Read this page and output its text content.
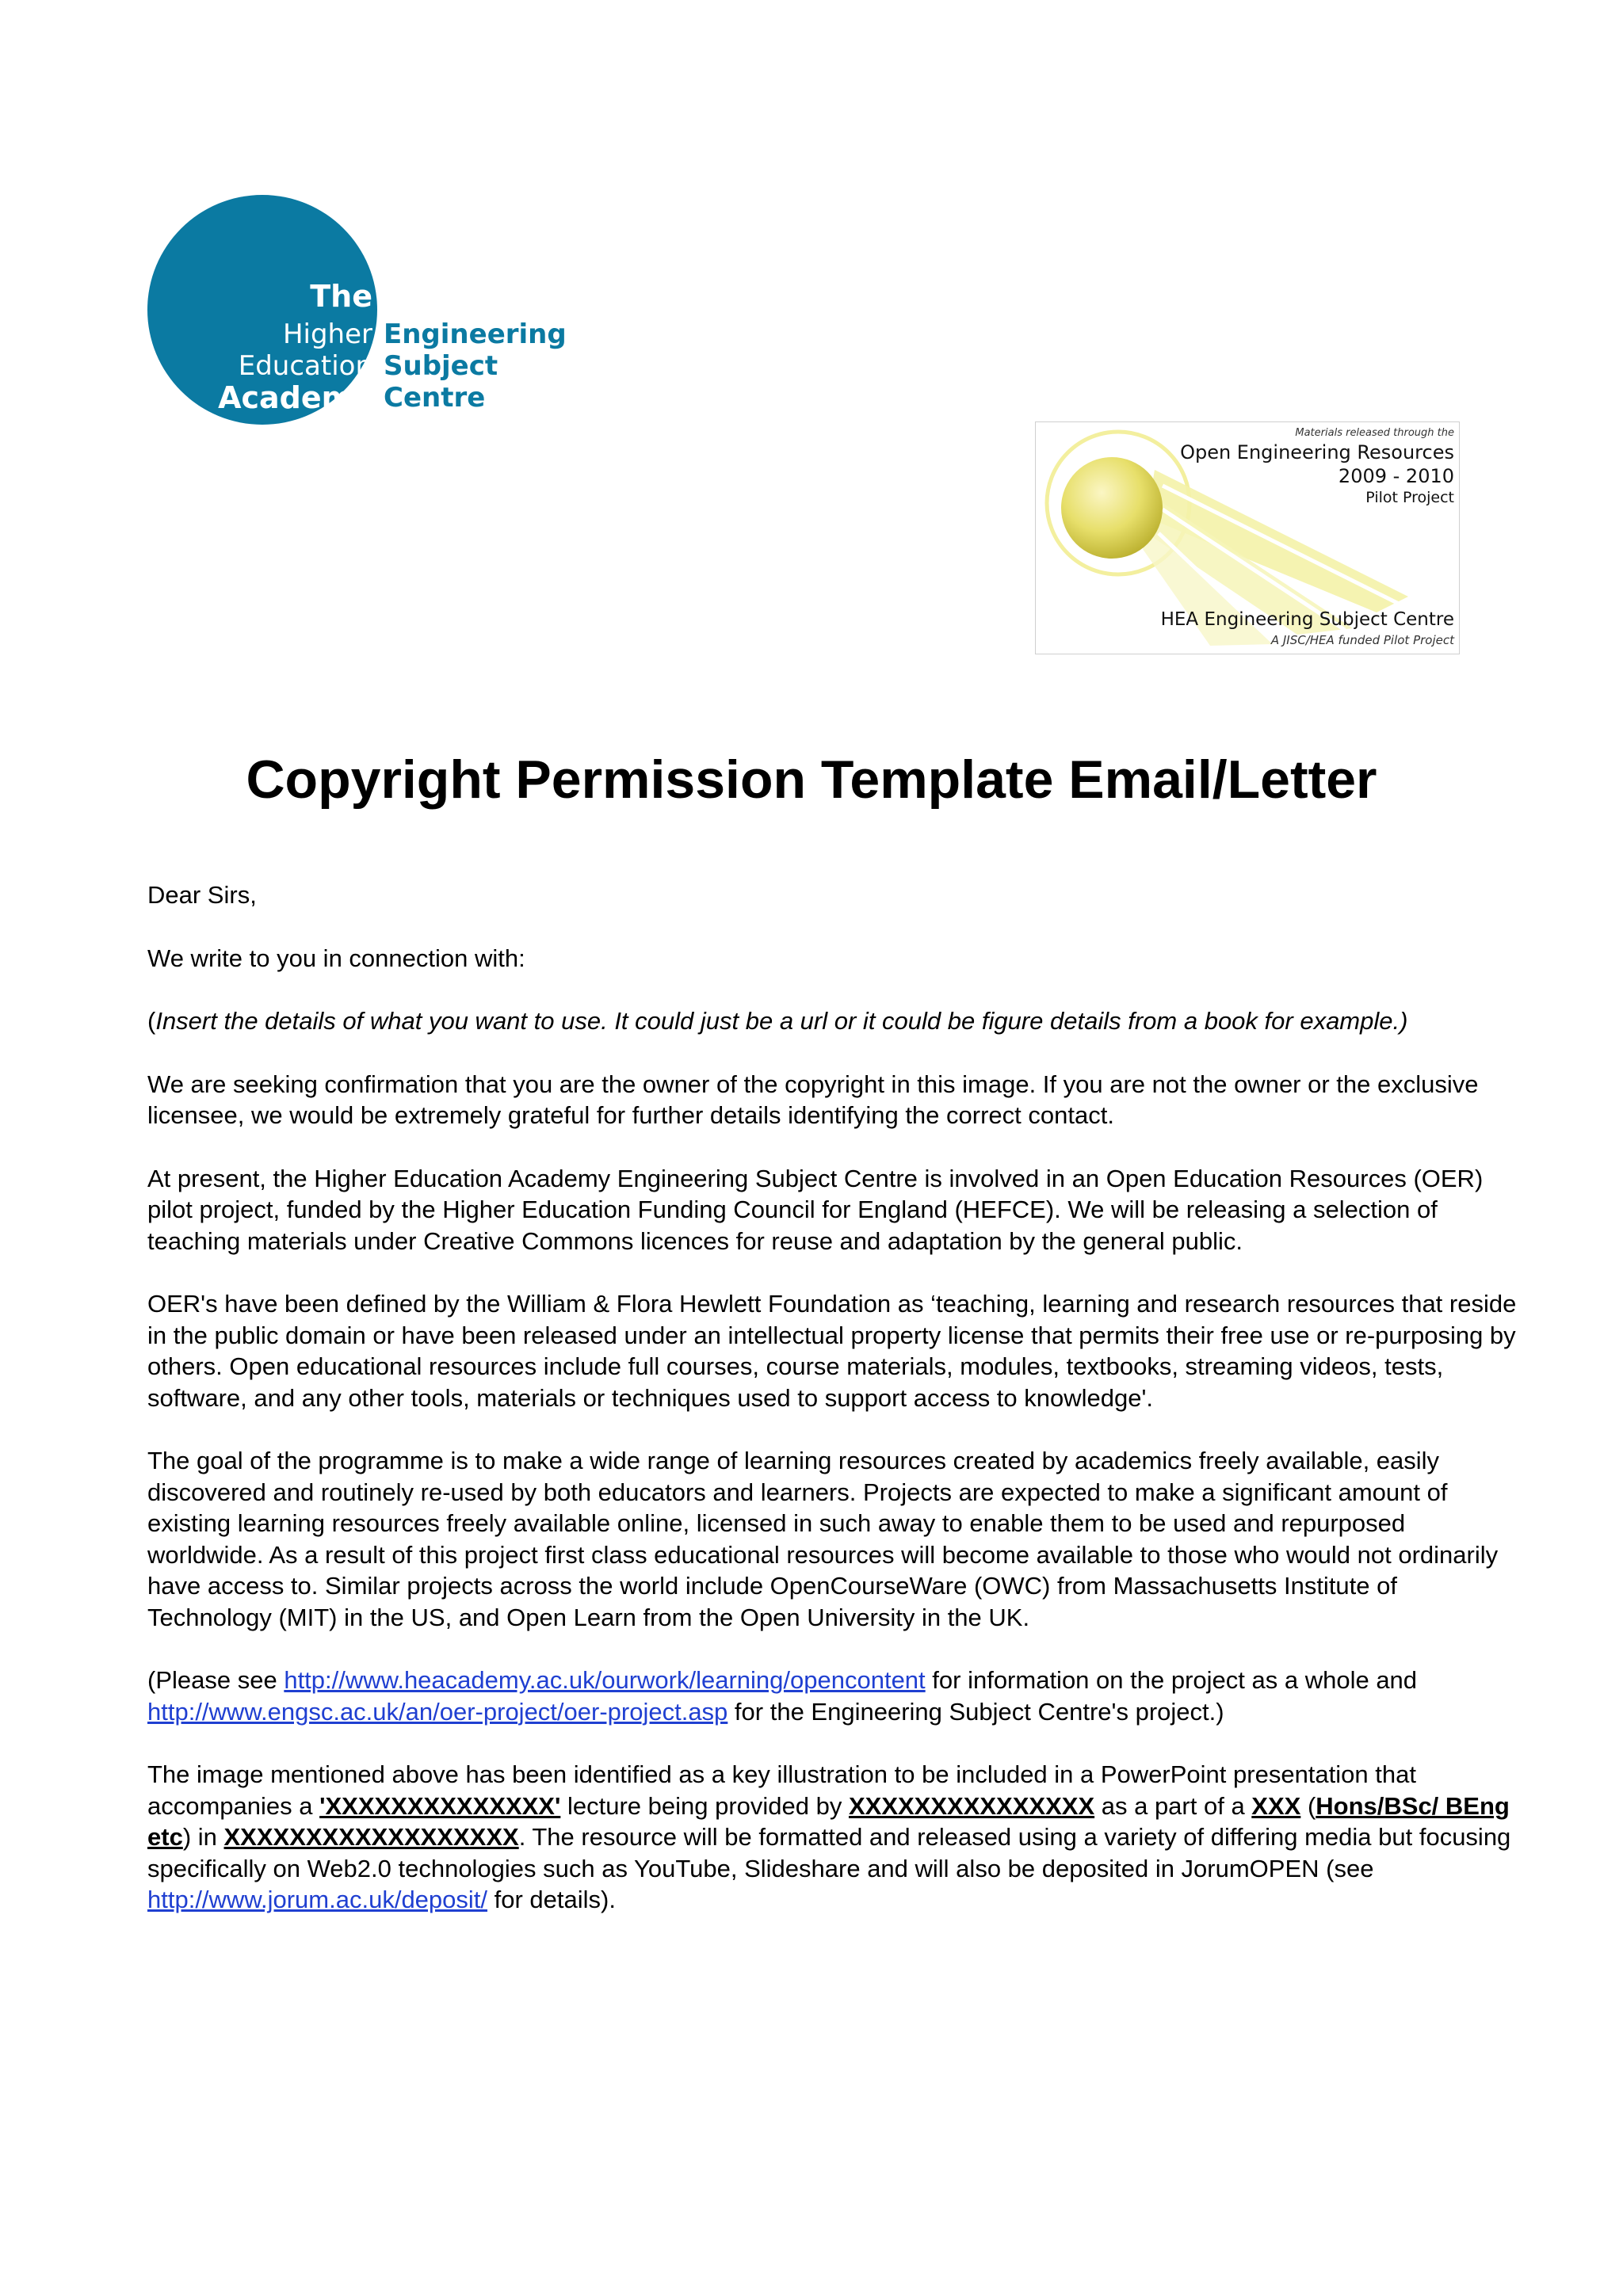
The
Higher
Education
Academy
Engineering
Subject
Centre
Materials released through the
Open Engineering Resources
2009 - 2010
Pilot Project
HEA Engineering Subject Centre
A JISC/HEA funded Pilot Project
Copyright Permission Template Email/Letter

Dear Sirs,

We write to you in connection with:

(Insert the details of what you want to use. It could just be a url or it could be figure details from a book for example.)

We are seeking confirmation that you are the owner of the copyright in this image. If you are not the owner or the exclusive licensee, we would be extremely grateful for further details identifying the correct contact.

At present, the Higher Education Academy Engineering Subject Centre is involved in an Open Education Resources (OER) pilot project, funded by the Higher Education Funding Council for England (HEFCE). We will be releasing a selection of teaching materials under Creative Commons licences for reuse and adaptation by the general public.

OER's have been defined by the William & Flora Hewlett Foundation as ‘teaching, learning and research resources that reside in the public domain or have been released under an intellectual property license that permits their free use or re-purposing by others. Open educational resources include full courses, course materials, modules, textbooks, streaming videos, tests, software, and any other tools, materials or techniques used to support access to knowledge'.

The goal of the programme is to make a wide range of learning resources created by academics freely available, easily discovered and routinely re-used by both educators and learners. Projects are expected to make a significant amount of existing learning resources freely available online, licensed in such away to enable them to be used and repurposed worldwide. As a result of this project first class educational resources will become available to those who would not ordinarily have access to. Similar projects across the world include OpenCourseWare (OWC) from Massachusetts Institute of Technology (MIT) in the US, and Open Learn from the Open University in the UK.

(Please see http://www.heacademy.ac.uk/ourwork/learning/opencontent for information on the project as a whole and http://www.engsc.ac.uk/an/oer-project/oer-project.asp for the Engineering Subject Centre's project.)

The image mentioned above has been identified as a key illustration to be included in a PowerPoint presentation that accompanies a 'XXXXXXXXXXXXXX' lecture being provided by XXXXXXXXXXXXXXX as a part of a XXX (Hons/BSc/ BEng etc) in XXXXXXXXXXXXXXXXXX. The resource will be formatted and released using a variety of differing media but focusing specifically on Web2.0 technologies such as YouTube, Slideshare and will also be deposited in JorumOPEN (see http://www.jorum.ac.uk/deposit/ for details).
